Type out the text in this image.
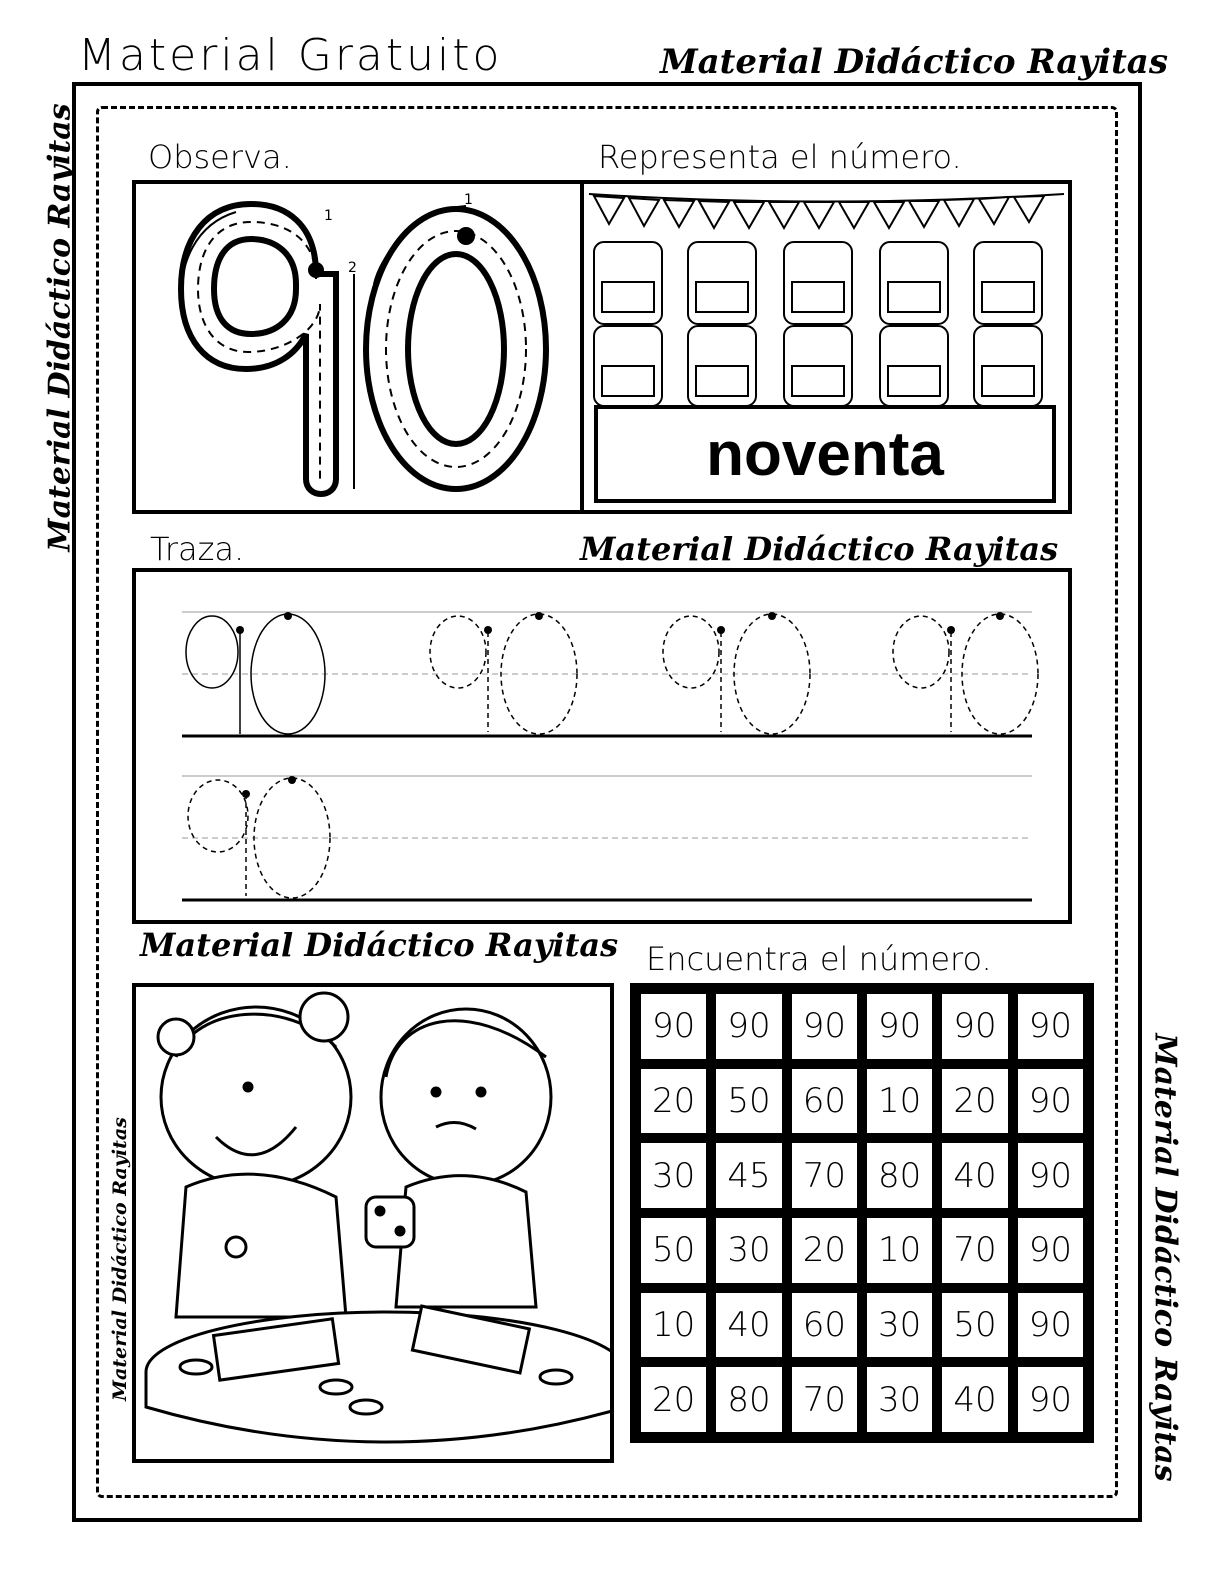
Material Gratuito	Material Didáctico Rayitas
Material Didáctico Rayitas
Material Didáctico Rayitas
Observa.
1
2
1
Representa el número.
noventa
Traza.	Material Didáctico Rayitas
Material Didáctico Rayitas Encuentra el número.
Material Didáctico Rayitas
90 90 90 90 90 90
20 50 60 10 20 90
30 45 70 80 40 90
50 30 20 10 70 90
10 40 60 30 50 90
20 80 70 30 40 90
